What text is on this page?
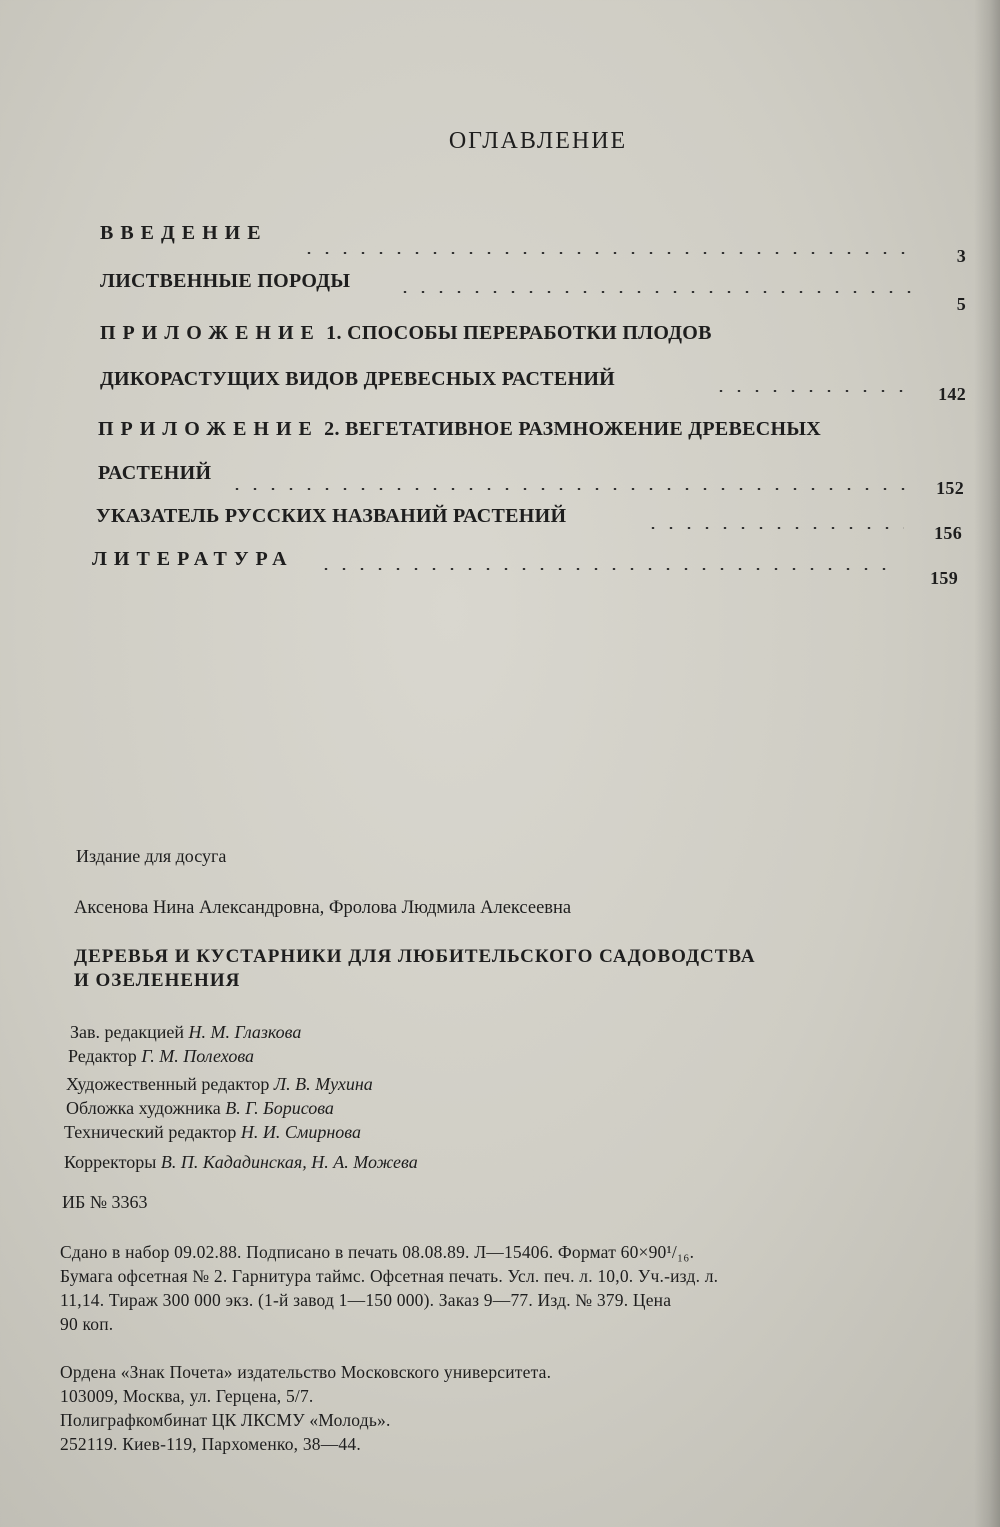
ОГЛАВЛЕНИЕ
ВВЕДЕНИЕ
3
ЛИСТВЕННЫЕ ПОРОДЫ
5
ПРИЛОЖЕНИЕ 1. СПОСОБЫ ПЕРЕРАБОТКИ ПЛОДОВ
ДИКОРАСТУЩИХ ВИДОВ ДРЕВЕСНЫХ РАСТЕНИЙ
142
ПРИЛОЖЕНИЕ 2. ВЕГЕТАТИВНОЕ РАЗМНОЖЕНИЕ ДРЕВЕСНЫХ
РАСТЕНИЙ
152
УКАЗАТЕЛЬ РУССКИХ НАЗВАНИЙ РАСТЕНИЙ
156
ЛИТЕРАТУРА
159
Издание для досуга
Аксенова Нина Александровна, Фролова Людмила Алексеевна
ДЕРЕВЬЯ И КУСТАРНИКИ ДЛЯ ЛЮБИТЕЛЬСКОГО САДОВОДСТВА
И ОЗЕЛЕНЕНИЯ
Зав. редакцией Н. М. Глазкова
Редактор Г. М. Полехова
Художественный редактор Л. В. Мухина
Обложка художника В. Г. Борисова
Технический редактор Н. И. Смирнова
Корректоры В. П. Кададинская, Н. А. Можева
ИБ № 3363
Сдано в набор 09.02.88. Подписано в печать 08.08.89. Л—15406. Формат 60×90¹/₁₆.
Бумага офсетная № 2. Гарнитура таймс. Офсетная печать. Усл. печ. л. 10,0. Уч.-изд. л.
11,14. Тираж 300 000 экз. (1-й завод 1—150 000). Заказ 9—77. Изд. № 379. Цена
90 коп.
Ордена «Знак Почета» издательство Московского университета.
103009, Москва, ул. Герцена, 5/7.
Полиграфкомбинат ЦК ЛКСМУ «Молодь».
252119. Киев-119, Пархоменко, 38—44.
